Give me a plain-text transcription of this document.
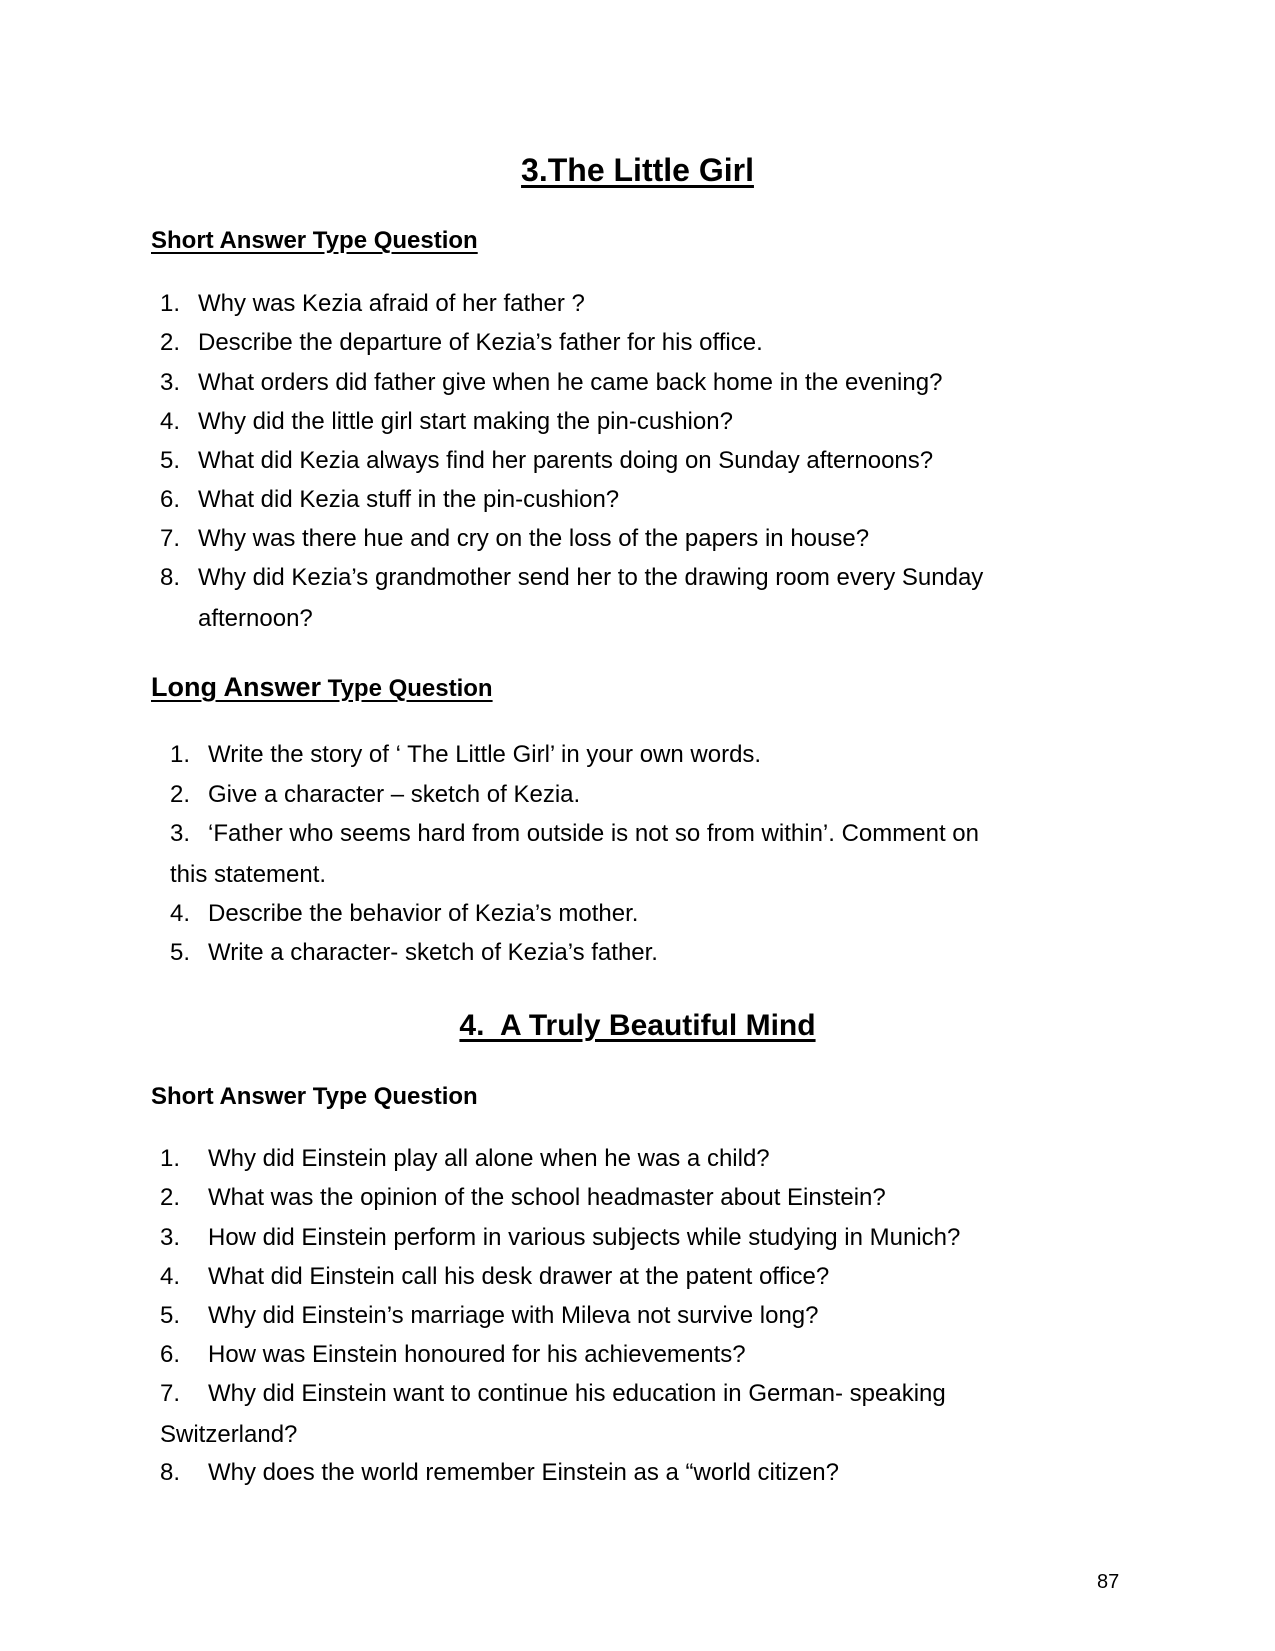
3.The Little Girl
Short Answer Type Question
1. Why was Kezia afraid of her father ?
2. Describe the departure of Kezia’s father for his office.
3. What orders did father give when he came back home in the evening?
4. Why did the little girl start making the pin-cushion?
5. What did Kezia always find her parents doing on Sunday afternoons?
6. What did Kezia stuff in the pin-cushion?
7. Why was there hue and cry on the loss of the papers in house?
8. Why did Kezia’s grandmother send her to the drawing room every Sunday
afternoon?
Long Answer Type Question
1. Write the story of ‘ The Little Girl’ in your own words.
2. Give a character – sketch of Kezia.
3. ‘Father who seems hard from outside is not so from within’. Comment on
this statement.
4. Describe the behavior of Kezia’s mother.
5. Write a character- sketch of Kezia’s father.
4.  A Truly Beautiful Mind
Short Answer Type Question
1. Why did Einstein play all alone when he was a child?
2. What was the opinion of the school headmaster about Einstein?
3. How did Einstein perform in various subjects while studying in Munich?
4. What did Einstein call his desk drawer at the patent office?
5. Why did Einstein’s marriage with Mileva not survive long?
6. How was Einstein honoured for his achievements?
7. Why did Einstein want to continue his education in German- speaking
Switzerland?
8. Why does the world remember Einstein as a “world citizen?
87
